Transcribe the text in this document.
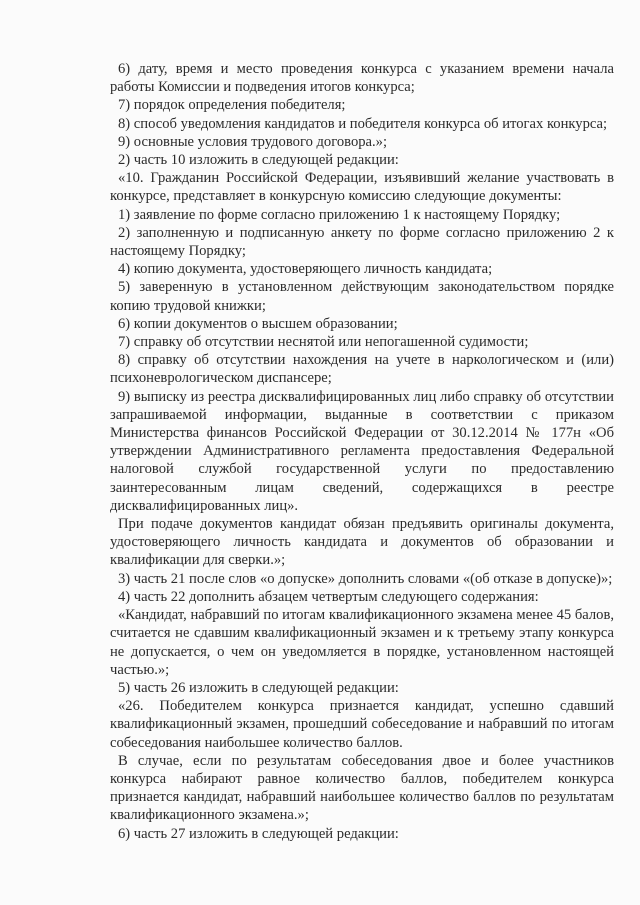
6) дату, время и место проведения конкурса с указанием времени начала работы Комиссии и подведения итогов конкурса;

7) порядок определения победителя;

8) способ уведомления кандидатов и победителя конкурса об итогах конкурса;

9) основные условия трудового договора.»;

2) часть 10 изложить в следующей редакции:

«10. Гражданин Российской Федерации, изъявивший желание участвовать в конкурсе, представляет в конкурсную комиссию следующие документы:

1) заявление по форме согласно приложению 1 к настоящему Порядку;

2) заполненную и подписанную анкету по форме согласно приложению 2 к настоящему Порядку;

4) копию документа, удостоверяющего личность кандидата;

5) заверенную в установленном действующим законодательством порядке копию трудовой книжки;

6) копии документов о высшем образовании;

7) справку об отсутствии неснятой или непогашенной судимости;

8) справку об отсутствии нахождения на учете в наркологическом и (или) психоневрологическом диспансере;

9) выписку из реестра дисквалифицированных лиц либо справку об отсутствии запрашиваемой информации, выданные в соответствии с приказом Министерства финансов Российской Федерации от 30.12.2014 № 177н «Об утверждении Административного регламента предоставления Федеральной налоговой службой государственной услуги по предоставлению заинтересованным лицам сведений, содержащихся в реестре дисквалифицированных лиц».

При подаче документов кандидат обязан предъявить оригиналы документа, удостоверяющего личность кандидата и документов об образовании и квалификации для сверки.»;

3) часть 21 после слов «о допуске» дополнить словами «(об отказе в допуске)»;

4) часть 22 дополнить абзацем четвертым следующего содержания:

«Кандидат, набравший по итогам квалификационного экзамена менее 45 балов, считается не сдавшим квалификационный экзамен и к третьему этапу конкурса не допускается, о чем он уведомляется в порядке, установленном настоящей частью.»;

5) часть 26 изложить в следующей редакции:

«26. Победителем конкурса признается кандидат, успешно сдавший квалификационный экзамен, прошедший собеседование и набравший по итогам собеседования наибольшее количество баллов.

В случае, если по результатам собеседования двое и более участников конкурса набирают равное количество баллов, победителем конкурса признается кандидат, набравший наибольшее количество баллов по результатам квалификационного экзамена.»;

6) часть 27 изложить в следующей редакции:
